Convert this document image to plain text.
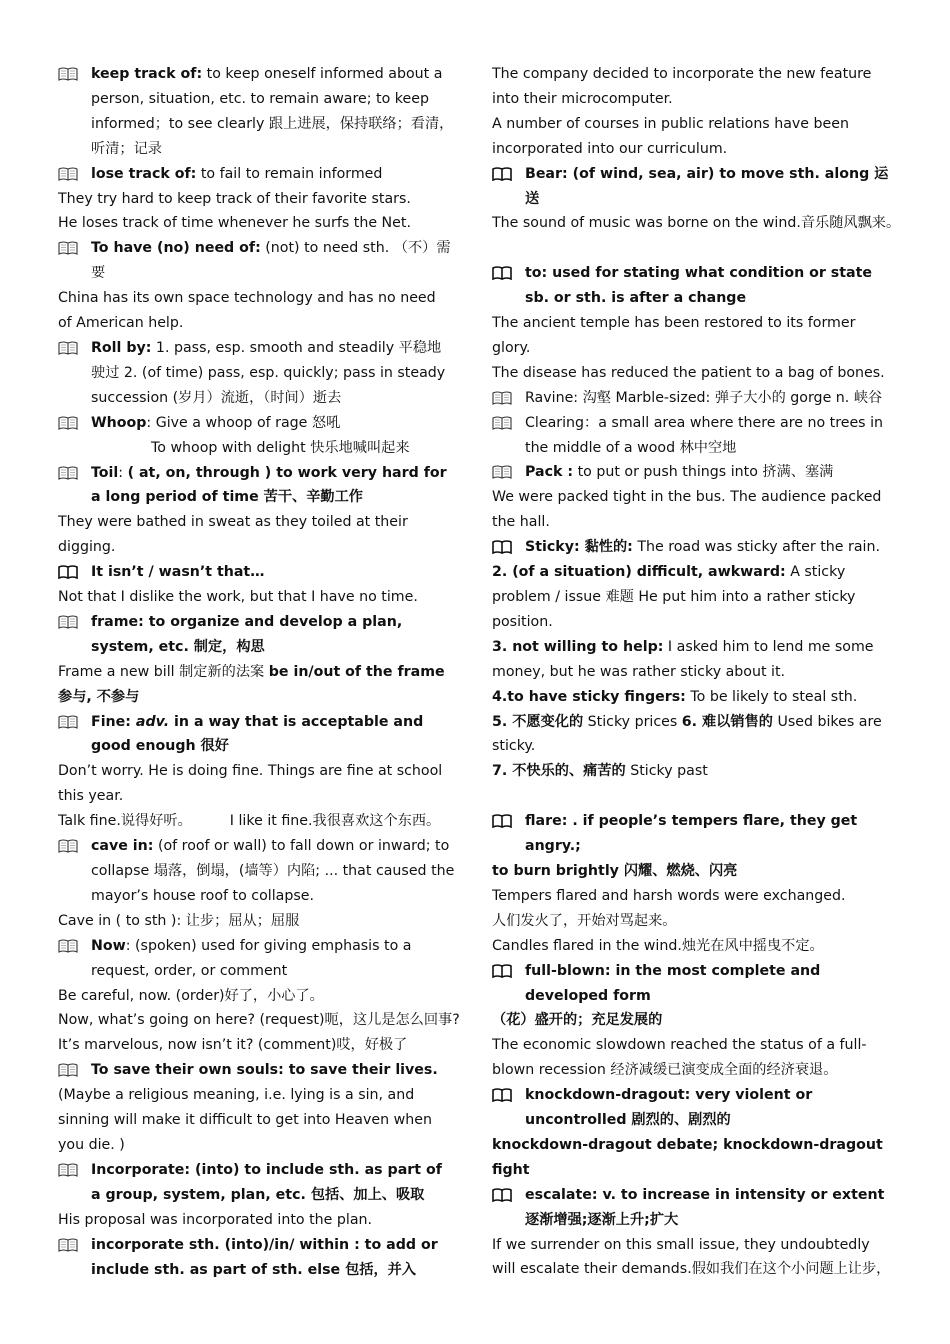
keep track of: to keep oneself informed about a
person, situation, etc. to remain aware; to keep
informed；to see clearly 跟上进展，保持联络；看清，
听清；记录
lose track of: to fail to remain informed
They try hard to keep track of their favorite stars.
He loses track of time whenever he surfs the Net.
To have (no) need of: (not) to need sth. （不）需
要
China has its own space technology and has no need
of American help.
Roll by: 1. pass, esp. smooth and steadily 平稳地
驶过 2. (of time) pass, esp. quickly; pass in steady
succession (岁月）流逝，（时间）逝去
Whoop: Give a whoop of rage 怒吼
To whoop with delight 快乐地喊叫起来
Toil: ( at, on, through ) to work very hard for
a long period of time 苦干、辛勤工作
They were bathed in sweat as they toiled at their
digging.
It isn’t / wasn’t that…
Not that I dislike the work, but that I have no time.
frame: to organize and develop a plan,
system, etc. 制定，构思
Frame a new bill 制定新的法案 be in/out of the frame
参与, 不参与
Fine: adv. in a way that is acceptable and
good enough 很好
Don’t worry. He is doing fine. Things are fine at school
this year.
Talk fine.说得好听。	I like it fine.我很喜欢这个东西。
cave in: (of roof or wall) to fall down or inward; to
collapse 塌落，倒塌，(墙等）内陷; ... that caused the
mayor’s house roof to collapse.
Cave in ( to sth ): 让步；屈从；屈服
Now: (spoken) used for giving emphasis to a
request, order, or comment
Be careful, now. (order)好了，小心了。
Now, what’s going on here? (request)呃，这儿是怎么回事?
It’s marvelous, now isn’t it? (comment)哎，好极了
To save their own souls: to save their lives.
(Maybe a religious meaning, i.e. lying is a sin, and
sinning will make it difficult to get into Heaven when
you die. )
Incorporate: (into) to include sth. as part of
a group, system, plan, etc. 包括、加上、吸取
His proposal was incorporated into the plan.
incorporate sth. (into)/in/ within : to add or
include sth. as part of sth. else 包括，并入
The company decided to incorporate the new feature
into their microcomputer.
A number of courses in public relations have been
incorporated into our curriculum.
Bear: (of wind, sea, air) to move sth. along 运
送
The sound of music was borne on the wind.音乐随风飘来。
to: used for stating what condition or state
sb. or sth. is after a change
The ancient temple has been restored to its former
glory.
The disease has reduced the patient to a bag of bones.
Ravine: 沟壑 Marble-sized: 弹子大小的 gorge n. 峡谷
Clearing：a small area where there are no trees in
the middle of a wood 林中空地
Pack : to put or push things into 挤满、塞满
We were packed tight in the bus. The audience packed
the hall.
Sticky: 黏性的: The road was sticky after the rain.
2. (of a situation) difficult, awkward: A sticky
problem / issue 难题 He put him into a rather sticky
position.
3. not willing to help: I asked him to lend me some
money, but he was rather sticky about it.
4.to have sticky fingers: To be likely to steal sth.
5. 不愿变化的 Sticky prices 6. 难以销售的 Used bikes are
sticky.
7. 不快乐的、痛苦的 Sticky past
flare: . if people’s tempers flare, they get
angry.;
to burn brightly 闪耀、燃烧、闪亮
Tempers flared and harsh words were exchanged.
人们发火了，开始对骂起来。
Candles flared in the wind.烛光在风中摇曳不定。
full-blown: in the most complete and
developed form
（花）盛开的；充足发展的
The economic slowdown reached the status of a full-
blown recession 经济减缓已演变成全面的经济衰退。
knockdown-dragout: very violent or
uncontrolled 剧烈的、剧烈的
knockdown-dragout debate; knockdown-dragout
fight
escalate: v. to increase in intensity or extent
逐渐增强;逐渐上升;扩大
If we surrender on this small issue, they undoubtedly
will escalate their demands.假如我们在这个小问题上让步，
